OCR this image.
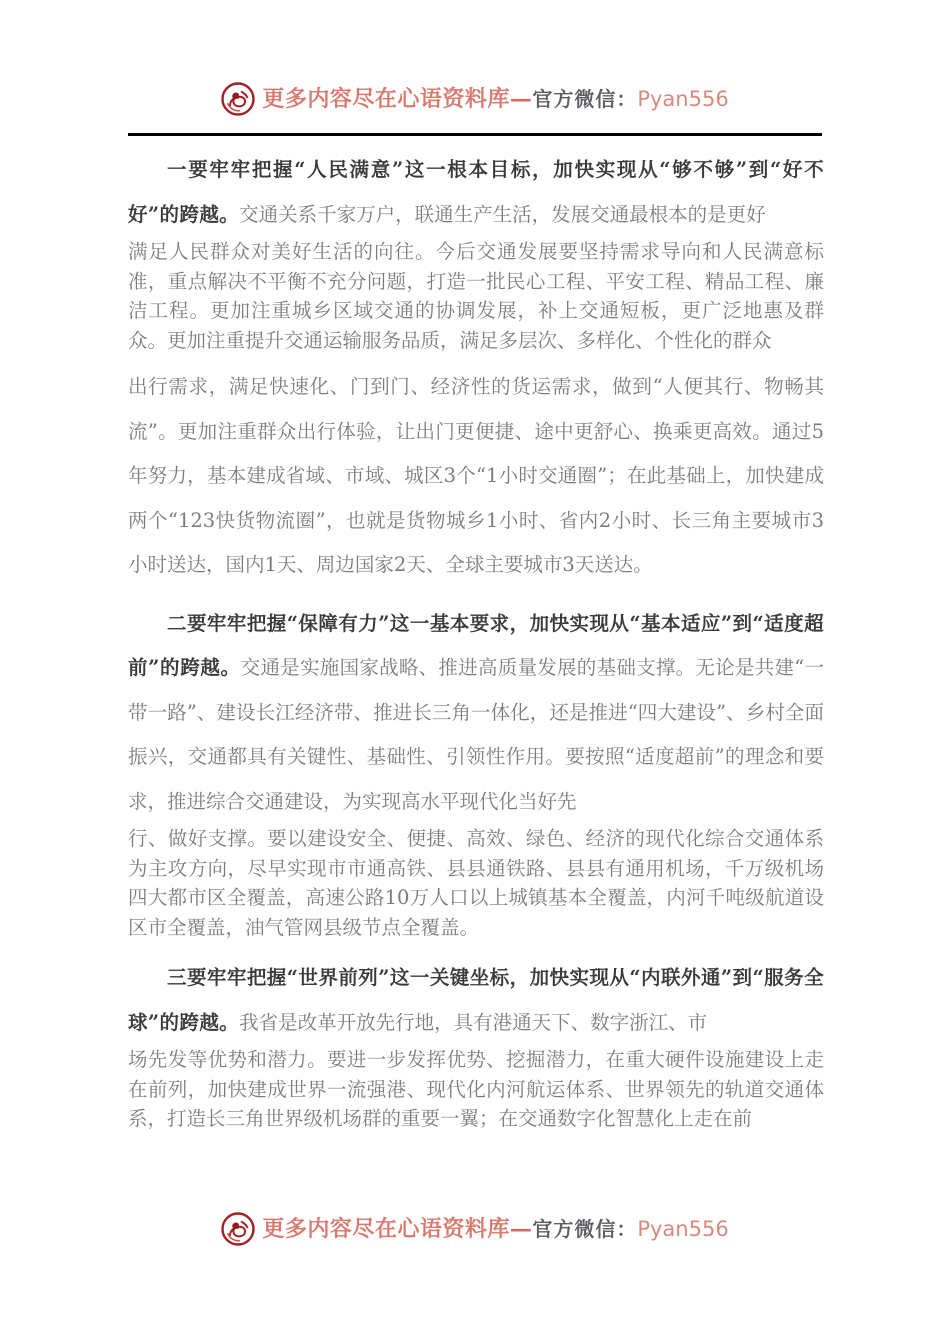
更多内容尽在心语资料库 — 官方微信： Pyan556

一要牢牢把握“人民满意”这一根本目标，加快实现从“够不够”到“好不好”的跨越。交通关系千家万户，联通生产生活，发展交通最根本的是更好

满足人民群众对美好生活的向往。今后交通发展要坚持需求导向和人民满意标准，重点解决不平衡不充分问题，打造一批民心工程、平安工程、精品工程、廉洁工程。更加注重城乡区域交通的协调发展，补上交通短板，更广泛地惠及群众。更加注重提升交通运输服务品质，满足多层次、多样化、个性化的群众

出行需求，满足快速化、门到门、经济性的货运需求，做到“人便其行、物畅其流”。更加注重群众出行体验，让出门更便捷、途中更舒心、换乘更高效。通过5年努力，基本建成省域、市域、城区3个“1小时交通圈”；在此基础上，加快建成两个“123快货物流圈”，也就是货物城乡1小时、省内2小时、长三角主要城市3小时送达，国内1天、周边国家2天、全球主要城市3天送达。

二要牢牢把握“保障有力”这一基本要求，加快实现从“基本适应”到“适度超前”的跨越。交通是实施国家战略、推进高质量发展的基础支撑。无论是共建“一带一路”、建设长江经济带、推进长三角一体化，还是推进“四大建设”、乡村全面振兴，交通都具有关键性、基础性、引领性作用。要按照“适度超前”的理念和要求，推进综合交通建设，为实现高水平现代化当好先

行、做好支撑。要以建设安全、便捷、高效、绿色、经济的现代化综合交通体系为主攻方向，尽早实现市市通高铁、县县通铁路、县县有通用机场，千万级机场四大都市区全覆盖，高速公路10万人口以上城镇基本全覆盖，内河千吨级航道设区市全覆盖，油气管网县级节点全覆盖。

三要牢牢把握“世界前列”这一关键坐标，加快实现从“内联外通”到“服务全球”的跨越。我省是改革开放先行地，具有港通天下、数字浙江、市

场先发等优势和潜力。要进一步发挥优势、挖掘潜力，在重大硬件设施建设上走在前列，加快建成世界一流强港、现代化内河航运体系、世界领先的轨道交通体系，打造长三角世界级机场群的重要一翼；在交通数字化智慧化上走在前

更多内容尽在心语资料库 — 官方微信： Pyan556
